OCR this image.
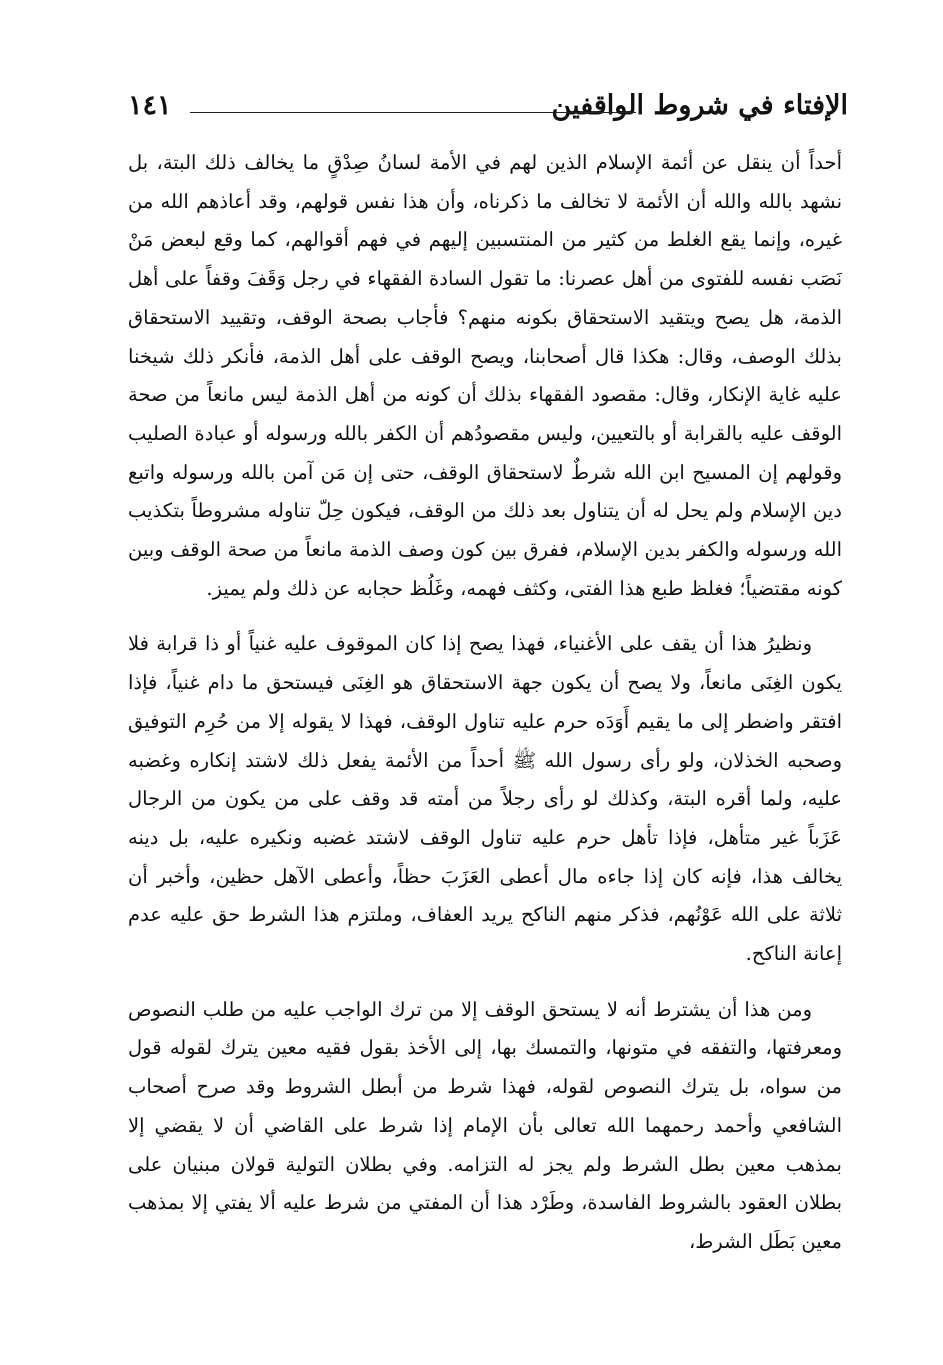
الإفتاء في شروط الواقفين
١٤١

أحداً أن ينقل عن أئمة الإسلام الذين لهم في الأمة لسانُ صِدْقٍ ما يخالف ذلك البتة، بل نشهد بالله والله أن الأئمة لا تخالف ما ذكرناه، وأن هذا نفس قولهم، وقد أعاذهم الله من غيره، وإنما يقع الغلط من كثير من المنتسبين إليهم في فهم أقوالهم، كما وقع لبعض مَنْ نَصَب نفسه للفتوى من أهل عصرنا: ما تقول السادة الفقهاء في رجل وَقَفَ وقفاً على أهل الذمة، هل يصح ويتقيد الاستحقاق بكونه منهم؟ فأجاب بصحة الوقف، وتقييد الاستحقاق بذلك الوصف، وقال: هكذا قال أصحابنا، ويصح الوقف على أهل الذمة، فأنكر ذلك شيخنا عليه غاية الإنكار، وقال: مقصود الفقهاء بذلك أن كونه من أهل الذمة ليس مانعاً من صحة الوقف عليه بالقرابة أو بالتعيين، وليس مقصودُهم أن الكفر بالله ورسوله أو عبادة الصليب وقولهم إن المسيح ابن الله شرطٌ لاستحقاق الوقف، حتى إن مَن آمن بالله ورسوله واتبع دين الإسلام ولم يحل له أن يتناول بعد ذلك من الوقف، فيكون حِلّ تناوله مشروطاً بتكذيب الله ورسوله والكفر بدين الإسلام، ففرق بين كون وصف الذمة مانعاً من صحة الوقف وبين كونه مقتضياً؛ فغلظ طبع هذا الفتى، وكثف فهمه، وغَلُظ حجابه عن ذلك ولم يميز.

ونظيرُ هذا أن يقف على الأغنياء، فهذا يصح إذا كان الموقوف عليه غنياً أو ذا قرابة فلا يكون الغِنَى مانعاً، ولا يصح أن يكون جهة الاستحقاق هو الغِنَى فيستحق ما دام غنياً، فإذا افتقر واضطر إلى ما يقيم أَوَدَه حرم عليه تناول الوقف، فهذا لا يقوله إلا من حُرِم التوفيق وصحبه الخذلان، ولو رأى رسول الله ﷺ أحداً من الأئمة يفعل ذلك لاشتد إنكاره وغضبه عليه، ولما أقره البتة، وكذلك لو رأى رجلاً من أمته قد وقف على من يكون من الرجال عَزَباً غير متأهل، فإذا تأهل حرم عليه تناول الوقف لاشتد غضبه ونكيره عليه، بل دينه يخالف هذا، فإنه كان إذا جاءه مال أعطى العَزَبَ حظاً، وأعطى الآهل حظين، وأخبر أن ثلاثة على الله عَوْنُهم، فذكر منهم الناكح يريد العفاف، وملتزم هذا الشرط حق عليه عدم إعانة الناكح.

ومن هذا أن يشترط أنه لا يستحق الوقف إلا من ترك الواجب عليه من طلب النصوص ومعرفتها، والتفقه في متونها، والتمسك بها، إلى الأخذ بقول فقيه معين يترك لقوله قول من سواه، بل يترك النصوص لقوله، فهذا شرط من أبطل الشروط وقد صرح أصحاب الشافعي وأحمد رحمهما الله تعالى بأن الإمام إذا شرط على القاضي أن لا يقضي إلا بمذهب معين بطل الشرط ولم يجز له التزامه. وفي بطلان التولية قولان مبنيان على بطلان العقود بالشروط الفاسدة، وطَرْد هذا أن المفتي من شرط عليه ألا يفتي إلا بمذهب معين بَطَل الشرط،
